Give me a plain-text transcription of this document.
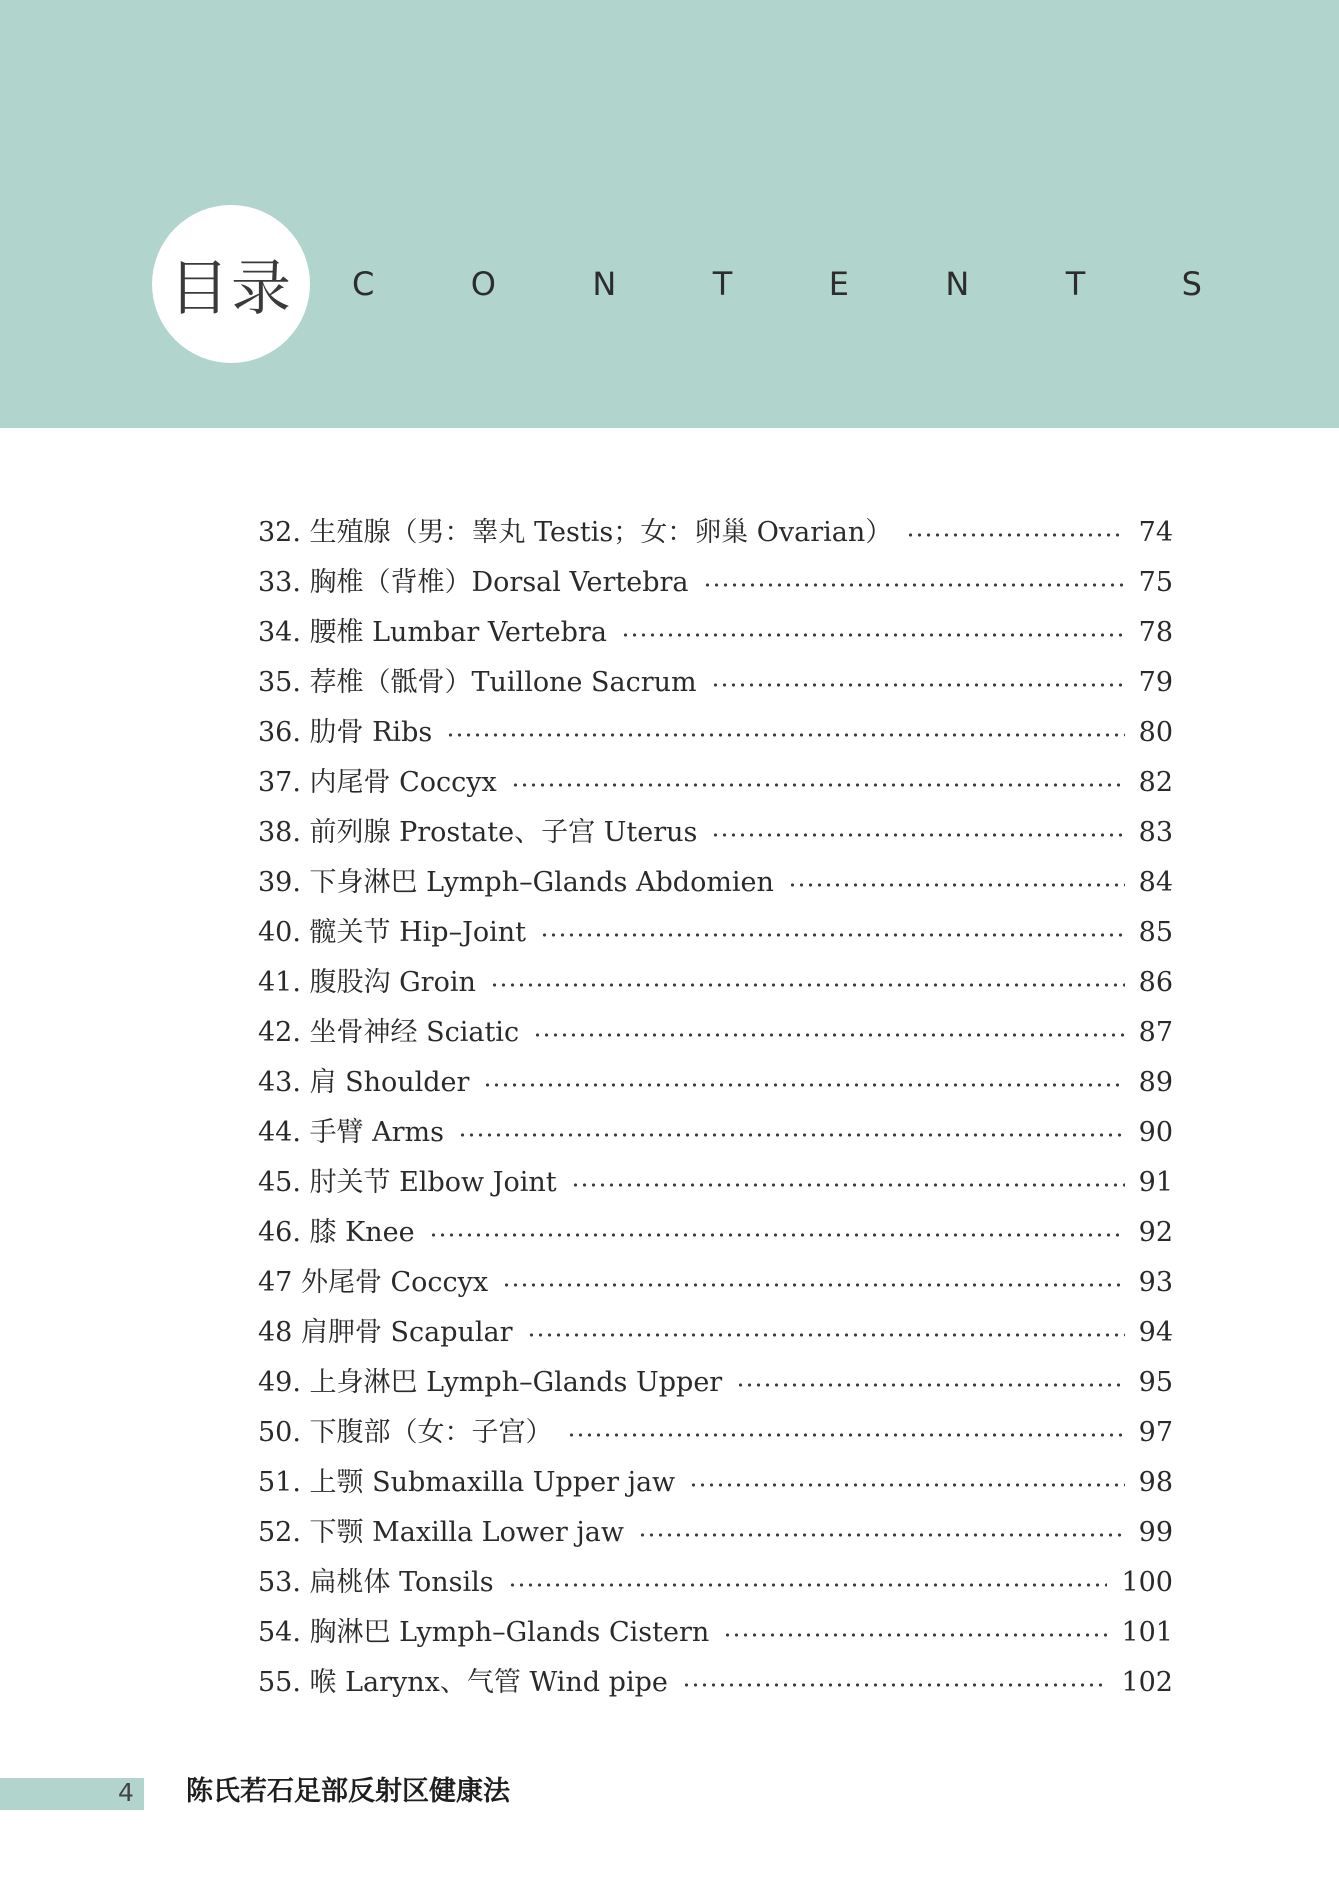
目录 C	O	N	T	E	N	T	S
32. 生殖腺（男：睾丸 Testis；女：卵巢 Ovarian）	74
33. 胸椎（背椎）Dorsal Vertebra	75
34. 腰椎 Lumbar Vertebra	78
35. 荐椎（骶骨）Tuillone Sacrum	79
36. 肋骨 Ribs	80
37. 内尾骨 Coccyx	82
38. 前列腺 Prostate、子宫 Uterus	83
39. 下身淋巴 Lymph–Glands Abdomien	84
40. 髋关节 Hip–Joint	85
41. 腹股沟 Groin	86
42. 坐骨神经 Sciatic	87
43. 肩 Shoulder	89
44. 手臂 Arms	90
45. 肘关节 Elbow Joint	91
46. 膝 Knee	92
47 外尾骨 Coccyx	93
48 肩胛骨 Scapular	94
49. 上身淋巴 Lymph–Glands Upper	95
50. 下腹部（女：子宫）	97
51. 上颚 Submaxilla Upper jaw	98
52. 下颚 Maxilla Lower jaw	99
53. 扁桃体 Tonsils	100
54. 胸淋巴 Lymph–Glands Cistern	101
55. 喉 Larynx、气管 Wind pipe	102
4 陈氏若石足部反射区健康法
